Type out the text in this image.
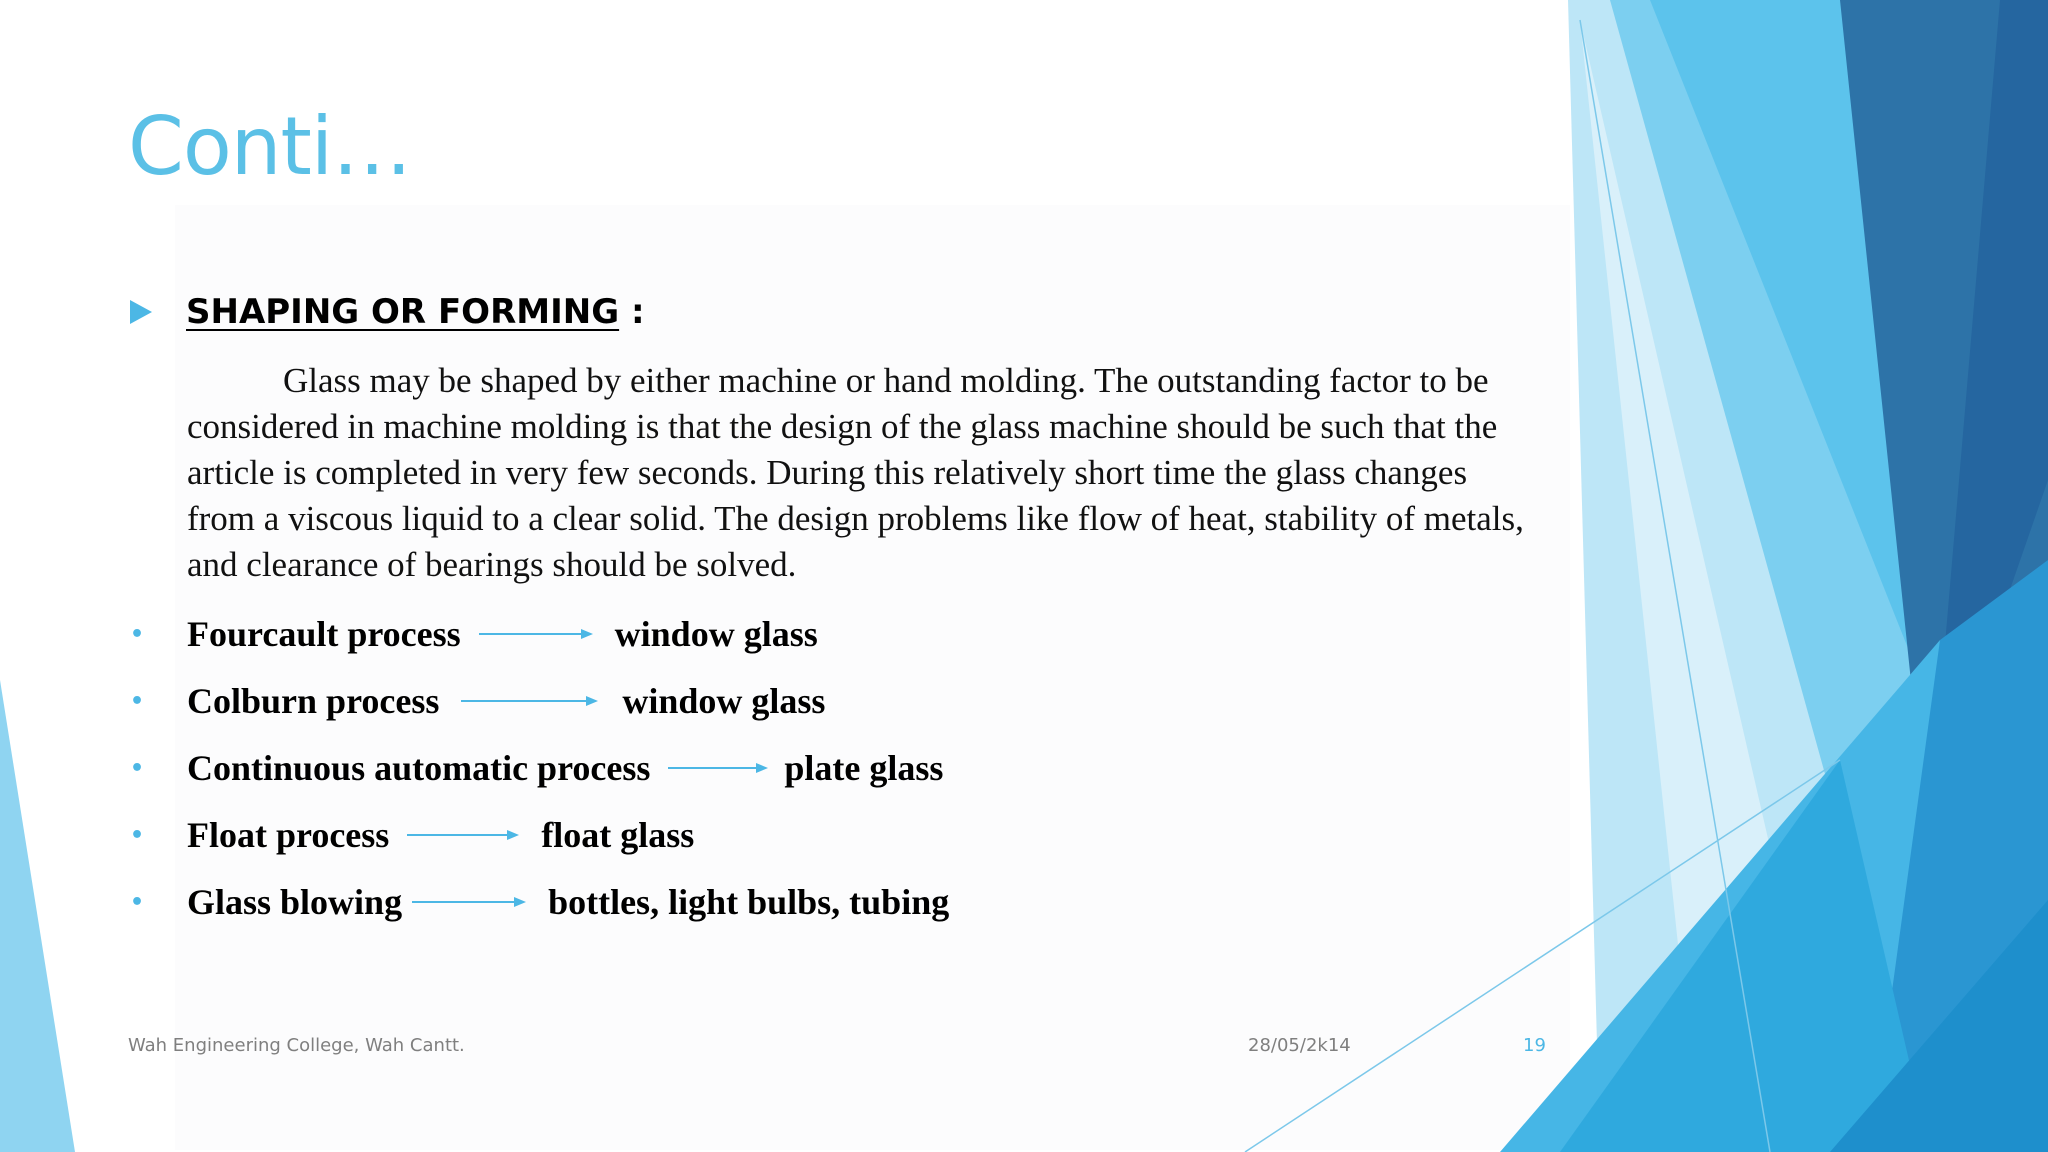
Conti…
SHAPING OR FORMING :

Glass may be shaped by either machine or hand molding. The outstanding factor to be considered in machine molding is that the design of the glass machine should be such that the article is completed in very few seconds. During this relatively short time the glass changes from a viscous liquid to a clear solid. The design problems like flow of heat, stability of metals, and clearance of bearings should be solved.

•	Fourcault process	window glass
•	Colburn process	window glass
•	Continuous automatic process	plate glass
•	Float process	float glass
•	Glass blowing	bottles, light bulbs, tubing
Wah Engineering College, Wah Cantt.	28/05/2k14	19
